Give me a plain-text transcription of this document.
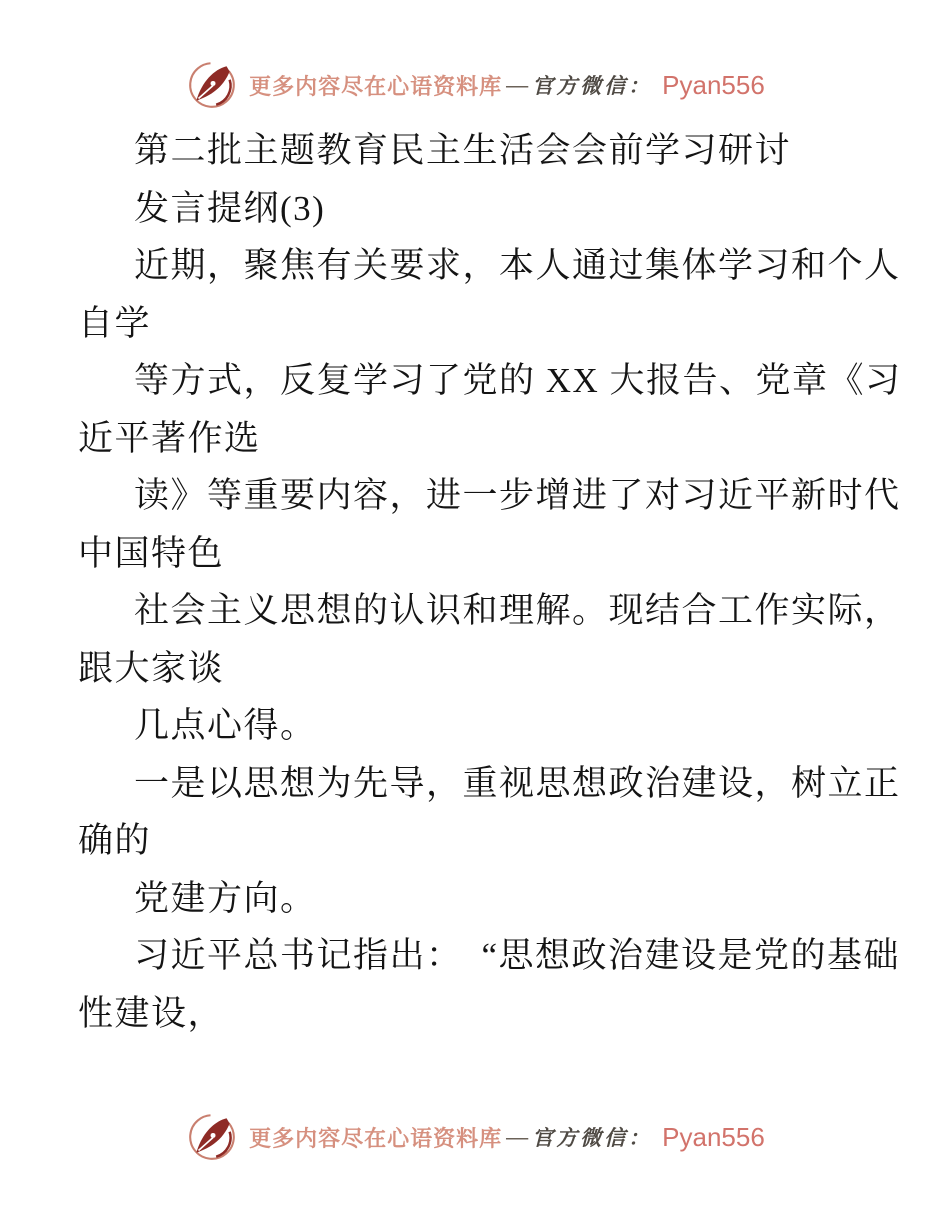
更多内容尽在心语资料库 — 官方微信： Pyan556

第二批主题教育民主生活会会前学习研讨

发言提纲(3)

近期，聚焦有关要求，本人通过集体学习和个人

自学

等方式，反复学习了党的 XX 大报告、党章《习

近平著作选

读》等重要内容，进一步增进了对习近平新时代

中国特色

社会主义思想的认识和理解。现结合工作实际，

跟大家谈

几点心得。

一是以思想为先导，重视思想政治建设，树立正

确的

党建方向。

习近平总书记指出：　“思想政治建设是党的基础

性建设，

更多内容尽在心语资料库 — 官方微信： Pyan556
